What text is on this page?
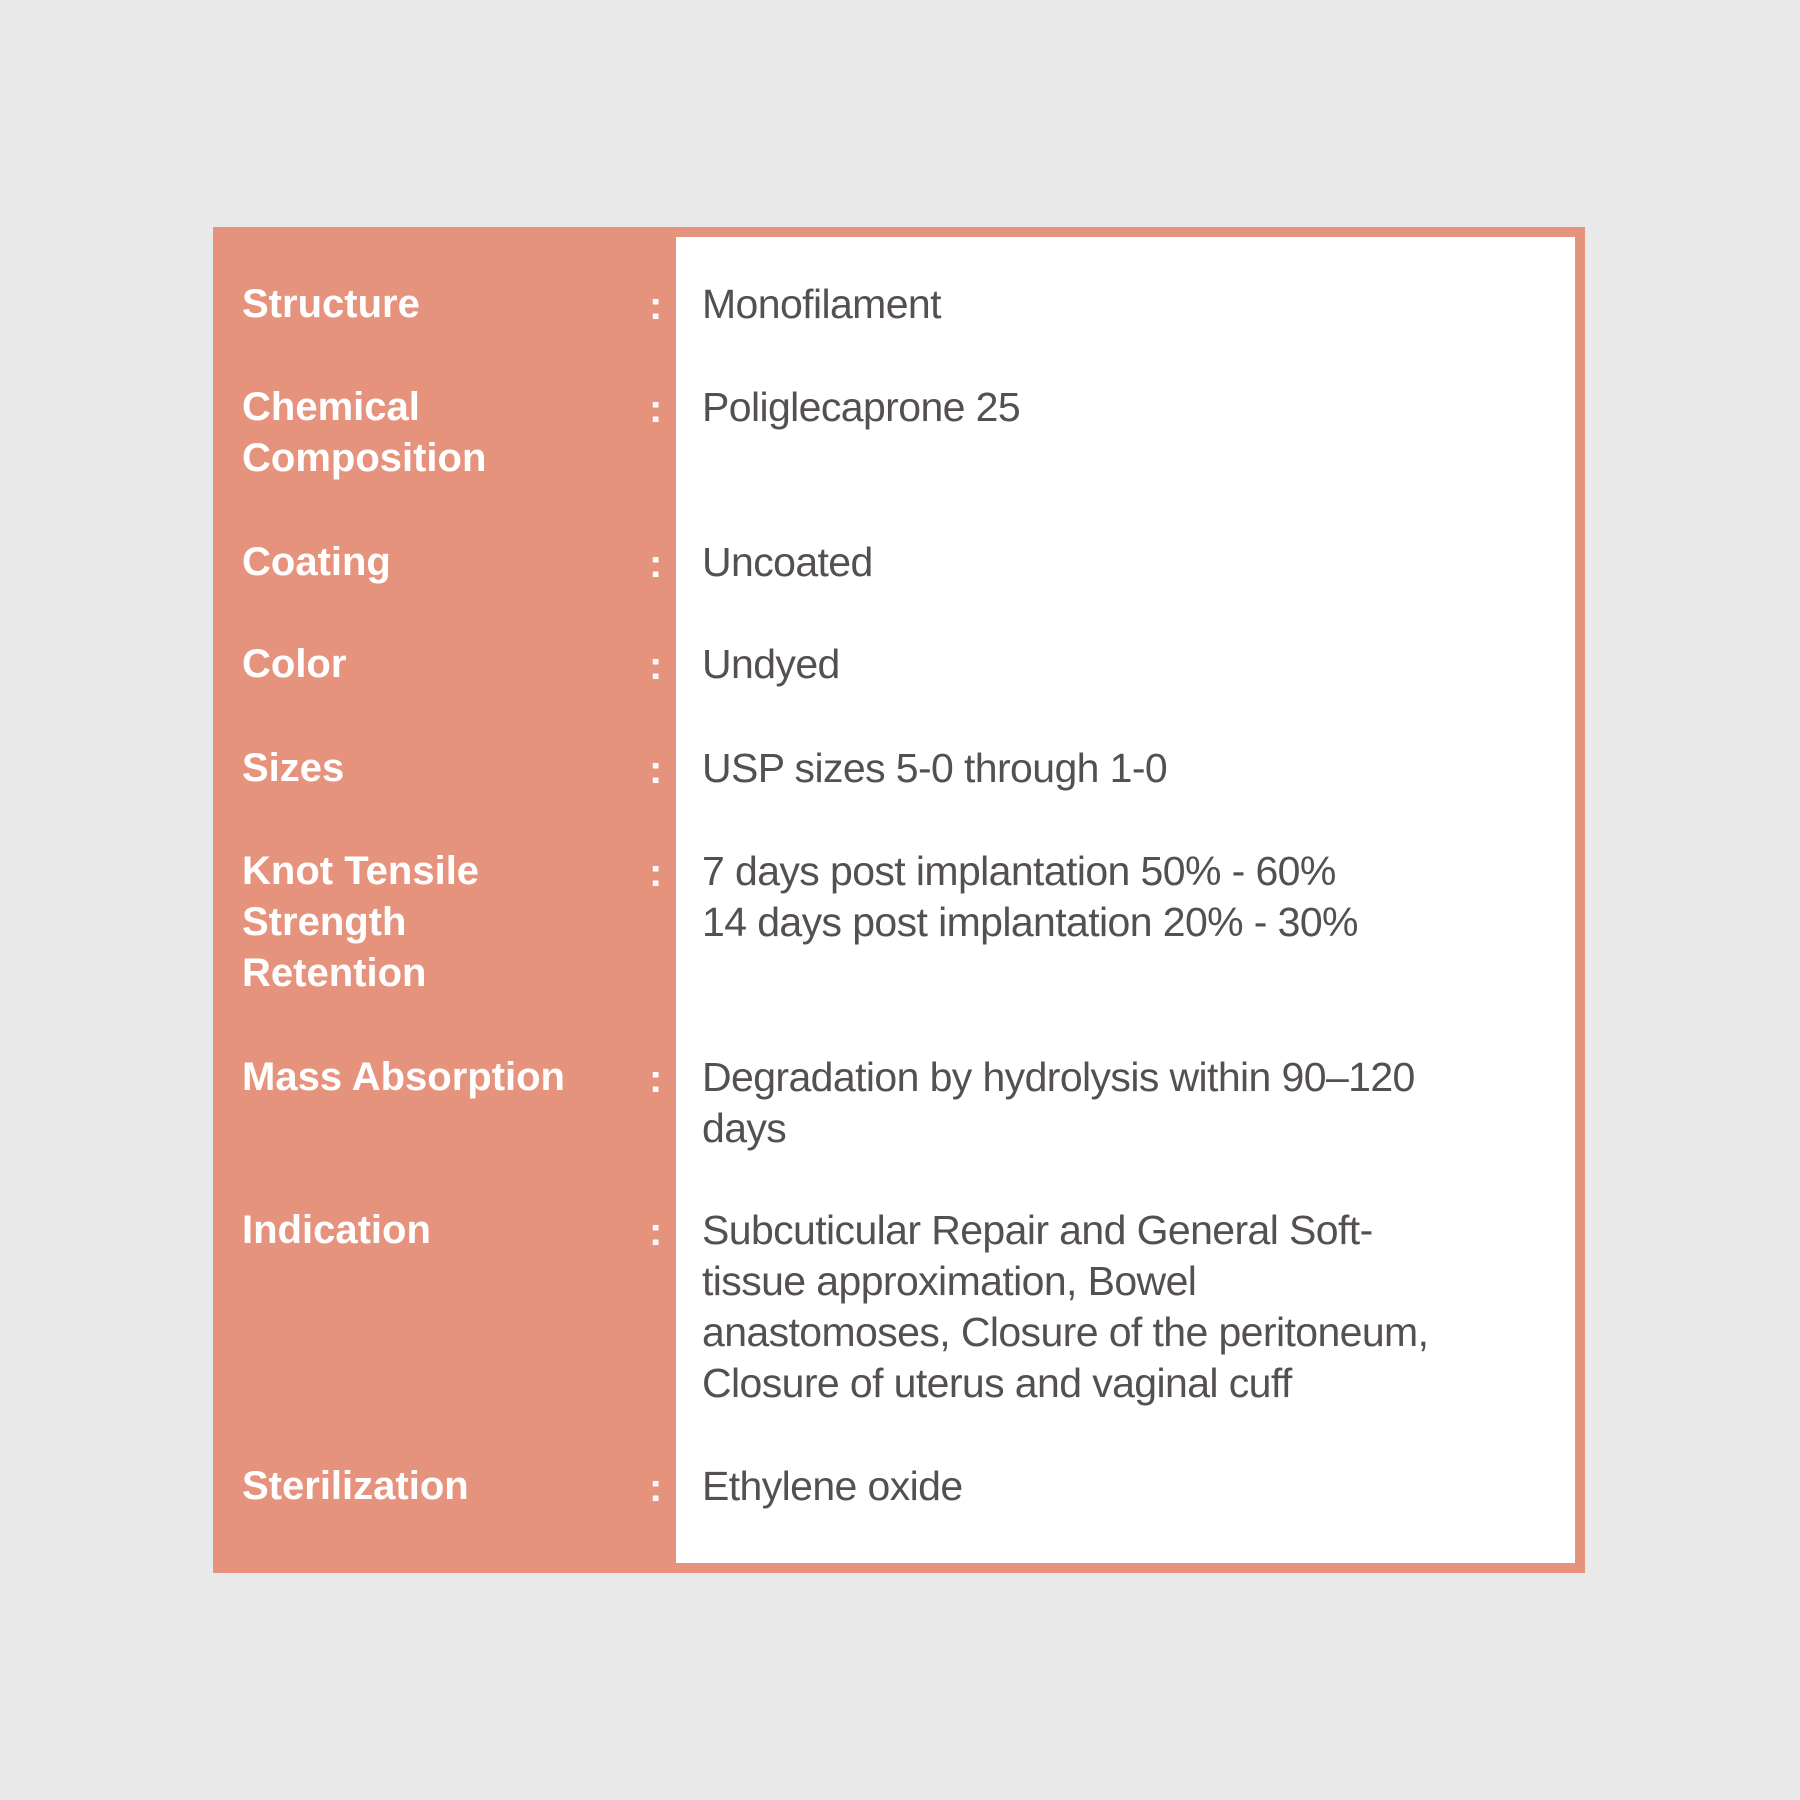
Structure	: Monofilament
Chemical
Composition
: Poliglecaprone 25
Coating	: Uncoated
Color	: Undyed
Sizes	: USP sizes 5-0 through 1-0
Knot Tensile
Strength
Retention
: 7 days post implantation 50% - 60%
14 days post implantation 20% - 30%
Mass Absorption	: Degradation by hydrolysis within 90–120
days
Indication	: Subcuticular Repair and General Soft-
tissue approximation, Bowel
anastomoses, Closure of the peritoneum,
Closure of uterus and vaginal cuff
Sterilization	: Ethylene oxide
